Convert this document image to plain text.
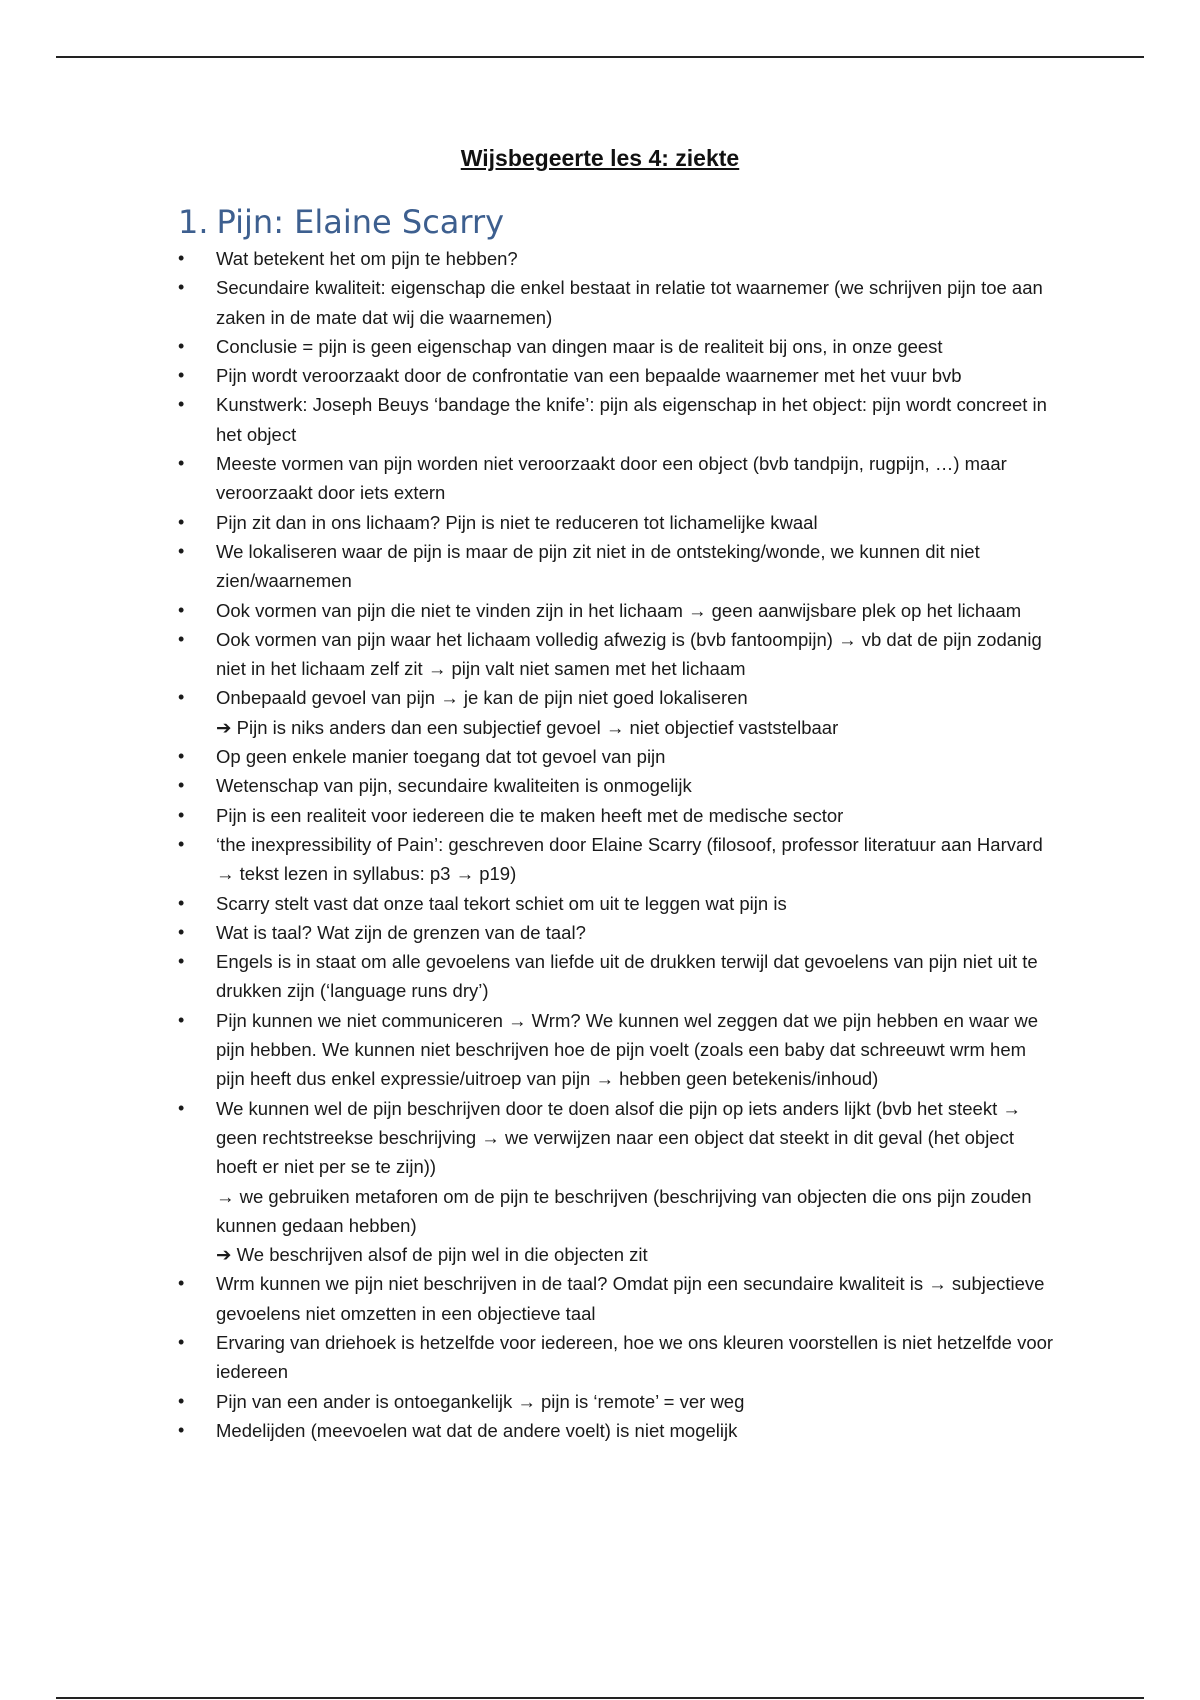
Wijsbegeerte les 4: ziekte
1. Pijn: Elaine Scarry
• Wat betekent het om pijn te hebben?
• Secundaire kwaliteit: eigenschap die enkel bestaat in relatie tot waarnemer (we schrijven pijn toe aan zaken in de mate dat wij die waarnemen)
• Conclusie = pijn is geen eigenschap van dingen maar is de realiteit bij ons, in onze geest
• Pijn wordt veroorzaakt door de confrontatie van een bepaalde waarnemer met het vuur bvb
• Kunstwerk: Joseph Beuys ‘bandage the knife’: pijn als eigenschap in het object: pijn wordt concreet in het object
• Meeste vormen van pijn worden niet veroorzaakt door een object (bvb tandpijn, rugpijn, …) maar veroorzaakt door iets extern
• Pijn zit dan in ons lichaam? Pijn is niet te reduceren tot lichamelijke kwaal
• We lokaliseren waar de pijn is maar de pijn zit niet in de ontsteking/wonde, we kunnen dit niet zien/waarnemen
• Ook vormen van pijn die niet te vinden zijn in het lichaam → geen aanwijsbare plek op het lichaam
• Ook vormen van pijn waar het lichaam volledig afwezig is (bvb fantoompijn) → vb dat de pijn zodanig niet in het lichaam zelf zit → pijn valt niet samen met het lichaam
• Onbepaald gevoel van pijn → je kan de pijn niet goed lokaliseren
➔ Pijn is niks anders dan een subjectief gevoel → niet objectief vaststelbaar
• Op geen enkele manier toegang dat tot gevoel van pijn
• Wetenschap van pijn, secundaire kwaliteiten is onmogelijk
• Pijn is een realiteit voor iedereen die te maken heeft met de medische sector
• ‘the inexpressibility of Pain’: geschreven door Elaine Scarry (filosoof, professor literatuur aan Harvard → tekst lezen in syllabus: p3 → p19)
• Scarry stelt vast dat onze taal tekort schiet om uit te leggen wat pijn is
• Wat is taal? Wat zijn de grenzen van de taal?
• Engels is in staat om alle gevoelens van liefde uit de drukken terwijl dat gevoelens van pijn niet uit te drukken zijn (‘language runs dry’)
• Pijn kunnen we niet communiceren → Wrm? We kunnen wel zeggen dat we pijn hebben en waar we pijn hebben. We kunnen niet beschrijven hoe de pijn voelt (zoals een baby dat schreeuwt wrm hem pijn heeft dus enkel expressie/uitroep van pijn → hebben geen betekenis/inhoud)
• We kunnen wel de pijn beschrijven door te doen alsof die pijn op iets anders lijkt (bvb het steekt → geen rechtstreekse beschrijving → we verwijzen naar een object dat steekt in dit geval (het object hoeft er niet per se te zijn))
→ we gebruiken metaforen om de pijn te beschrijven (beschrijving van objecten die ons pijn zouden kunnen gedaan hebben)
➔ We beschrijven alsof de pijn wel in die objecten zit
• Wrm kunnen we pijn niet beschrijven in de taal? Omdat pijn een secundaire kwaliteit is → subjectieve gevoelens niet omzetten in een objectieve taal
• Ervaring van driehoek is hetzelfde voor iedereen, hoe we ons kleuren voorstellen is niet hetzelfde voor iedereen
• Pijn van een ander is ontoegankelijk → pijn is ‘remote’ = ver weg
• Medelijden (meevoelen wat dat de andere voelt) is niet mogelijk
